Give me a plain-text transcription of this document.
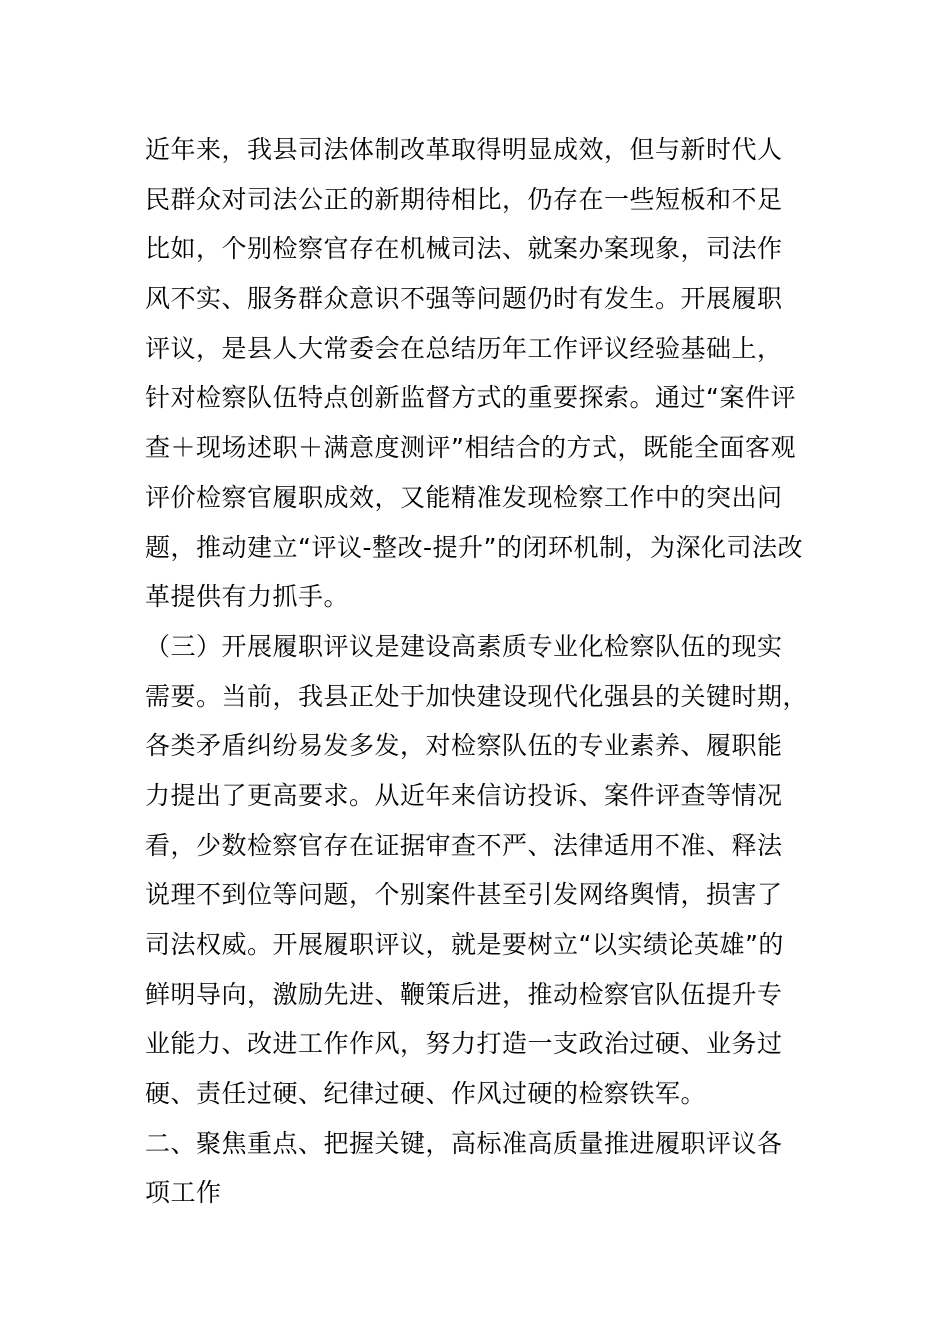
近年来，我县司法体制改革取得明显成效，但与新时代人
民群众对司法公正的新期待相比，仍存在一些短板和不足
比如，个别检察官存在机械司法、就案办案现象，司法作
风不实、服务群众意识不强等问题仍时有发生。开展履职
评议，是县人大常委会在总结历年工作评议经验基础上，
针对检察队伍特点创新监督方式的重要探索。通过“案件评
查＋现场述职＋满意度测评”相结合的方式，既能全面客观
评价检察官履职成效，又能精准发现检察工作中的突出问
题，推动建立“评议-整改-提升”的闭环机制，为深化司法改
革提供有力抓手。
（三）开展履职评议是建设高素质专业化检察队伍的现实
需要。当前，我县正处于加快建设现代化强县的关键时期，
各类矛盾纠纷易发多发，对检察队伍的专业素养、履职能
力提出了更高要求。从近年来信访投诉、案件评查等情况
看，少数检察官存在证据审查不严、法律适用不准、释法
说理不到位等问题，个别案件甚至引发网络舆情，损害了
司法权威。开展履职评议，就是要树立“以实绩论英雄”的
鲜明导向，激励先进、鞭策后进，推动检察官队伍提升专
业能力、改进工作作风，努力打造一支政治过硬、业务过
硬、责任过硬、纪律过硬、作风过硬的检察铁军。
二、聚焦重点、把握关键，高标准高质量推进履职评议各
项工作
